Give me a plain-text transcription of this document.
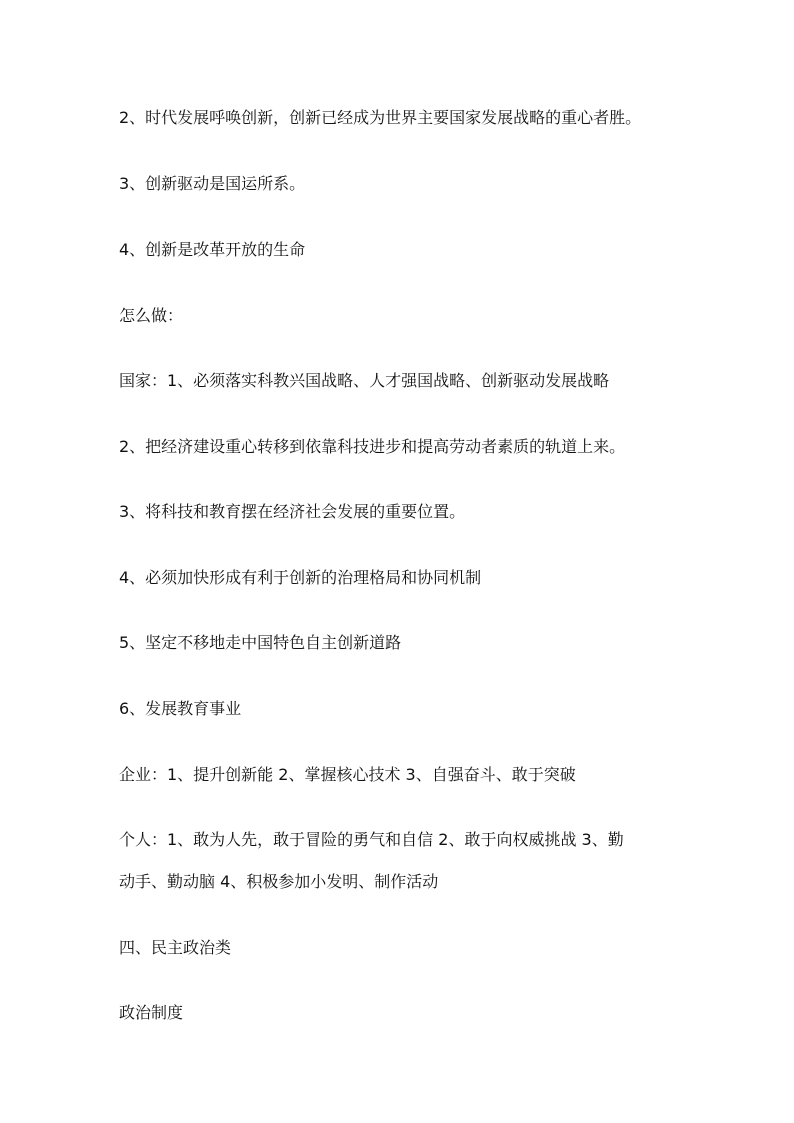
2、时代发展呼唤创新，创新已经成为世界主要国家发展战略的重心者胜。
3、创新驱动是国运所系。
4、创新是改革开放的生命
怎么做：
国家：1、必须落实科教兴国战略、人才强国战略、创新驱动发展战略
2、把经济建设重心转移到依靠科技进步和提高劳动者素质的轨道上来。
3、将科技和教育摆在经济社会发展的重要位置。
4、必须加快形成有利于创新的治理格局和协同机制
5、坚定不移地走中国特色自主创新道路
6、发展教育事业
企业：1、提升创新能 2、掌握核心技术 3、自强奋斗、敢于突破
个人：1、敢为人先，敢于冒险的勇气和自信 2、敢于向权威挑战 3、勤
动手、勤动脑 4、积极参加小发明、制作活动
四、民主政治类
政治制度
